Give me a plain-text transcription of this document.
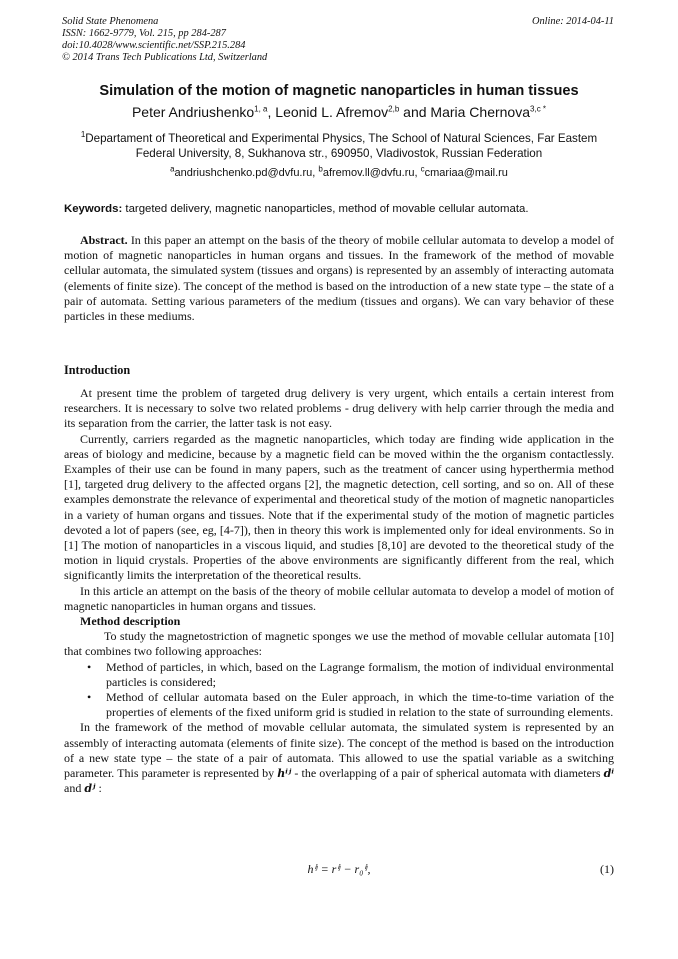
Solid State Phenomena
ISSN: 1662-9779, Vol. 215, pp 284-287
doi:10.4028/www.scientific.net/SSP.215.284
© 2014 Trans Tech Publications Ltd, Switzerland
Online: 2014-04-11
Simulation of the motion of magnetic nanoparticles in human tissues
Peter Andriushenko$^{1, a}$, Leonid L. Afremov$^{2,b}$ and Maria Chernova$^{3,c *}$
$^1$Departament of Theoretical and Experimental Physics, The School of Natural Sciences, Far Eastem Federal University, 8, Sukhanova str., 690950, Vladivostok, Russian Federation
$^a$andriushchenko.pd@dvfu.ru, $^b$afremov.ll@dvfu.ru, $^c$cmariaa@mail.ru
Keywords: targeted delivery, magnetic nanoparticles, method of movable cellular automata.

Abstract. In this paper an attempt on the basis of the theory of mobile cellular automata to develop a model of motion of magnetic nanoparticles in human organs and tissues. In the framework of the method of movable cellular automata, the simulated system (tissues and organs) is represented by an assembly of interacting automata (elements of finite size). The concept of the method is based on the introduction of a new state type – the state of a pair of automata. Setting various parameters of the medium (tissues and organs). We can vary behavior of these particles in these mediums.

Introduction

At present time the problem of targeted drug delivery is very urgent, which entails a certain interest from researchers. It is necessary to solve two related problems - drug delivery with help carrier through the media and its separation from the carrier, the latter task is not easy.

Currently, carriers regarded as the magnetic nanoparticles, which today are finding wide application in the areas of biology and medicine, because by a magnetic field can be moved within the the organism contactlessly. Examples of their use can be found in many papers, such as the treatment of cancer using hyperthermia method [1], targeted drug delivery to the affected organs [2], the magnetic detection, cell sorting, and so on. All of these examples demonstrate the relevance of experimental and theoretical study of the motion of magnetic nanoparticles in a variety of human organs and tissues. Note that if the experimental study of the motion of magnetic particles devoted a lot of papers (see, eg, [4-7]), then in theory this work is implemented only for ideal environments. So in [1] The motion of nanoparticles in a viscous liquid, and studies [8,10] are devoted to the theoretical study of the motion in liquid crystals. Properties of the above environments are significantly different from the real, which significantly limits the interpretation of the theoretical results.

In this article an attempt on the basis of the theory of mobile cellular automata to develop a model of motion of magnetic nanoparticles in human organs and tissues.

Method description

To study the magnetostriction of magnetic sponges we use the method of movable cellular automata [10] that combines two following approaches:

• Method of particles, in which, based on the Lagrange formalism, the motion of individual environmental particles is considered;
• Method of cellular automata based on the Euler approach, in which the time-to-time variation of the properties of elements of the fixed uniform grid is studied in relation to the state of surrounding elements.

In the framework of the method of movable cellular automata, the simulated system is represented by an assembly of interacting automata (elements of finite size). The concept of the method is based on the introduction of a new state type – the state of a pair of automata. This allowed to use the spatial variable as a switching parameter. This parameter is represented by hⁱʲ - the overlapping of a pair of spherical automata with diameters dⁱ and dʲ :

hⁱʲ = rⁱʲ − r₀ⁱʲ,	(1)
